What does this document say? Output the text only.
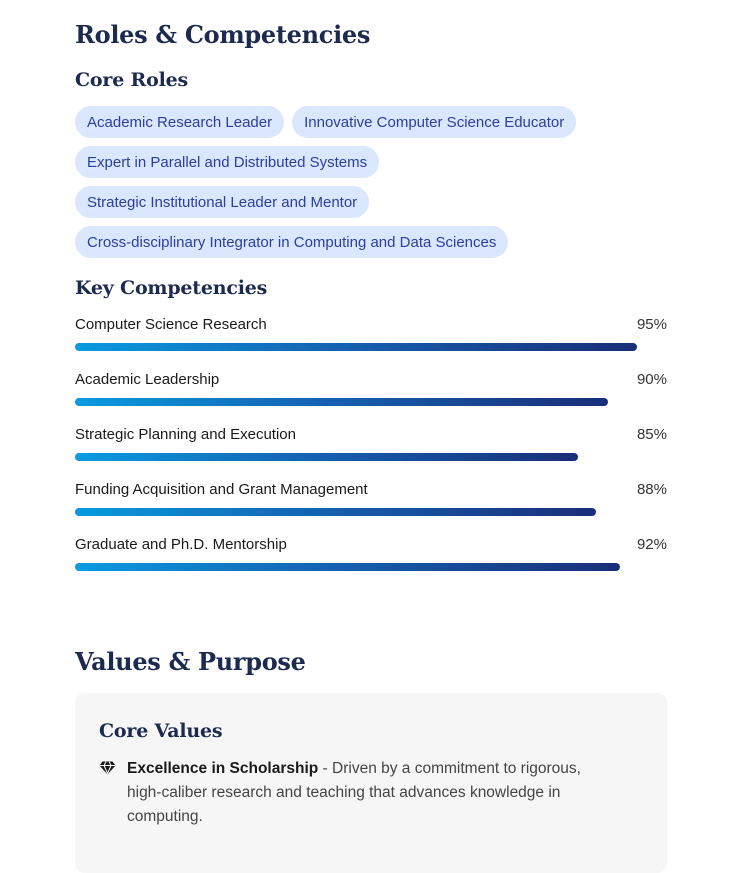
Roles & Competencies
Core Roles
Academic Research Leader	Innovative Computer Science Educator
Expert in Parallel and Distributed Systems
Strategic Institutional Leader and Mentor
Cross-disciplinary Integrator in Computing and Data Sciences
Key Competencies
Computer Science Research	95%
Academic Leadership	90%
Strategic Planning and Execution	85%
Funding Acquisition and Grant Management	88%
Graduate and Ph.D. Mentorship	92%
Values & Purpose
Core Values
Excellence in Scholarship - Driven by a commitment to rigorous, high-caliber research and teaching that advances knowledge in computing.
